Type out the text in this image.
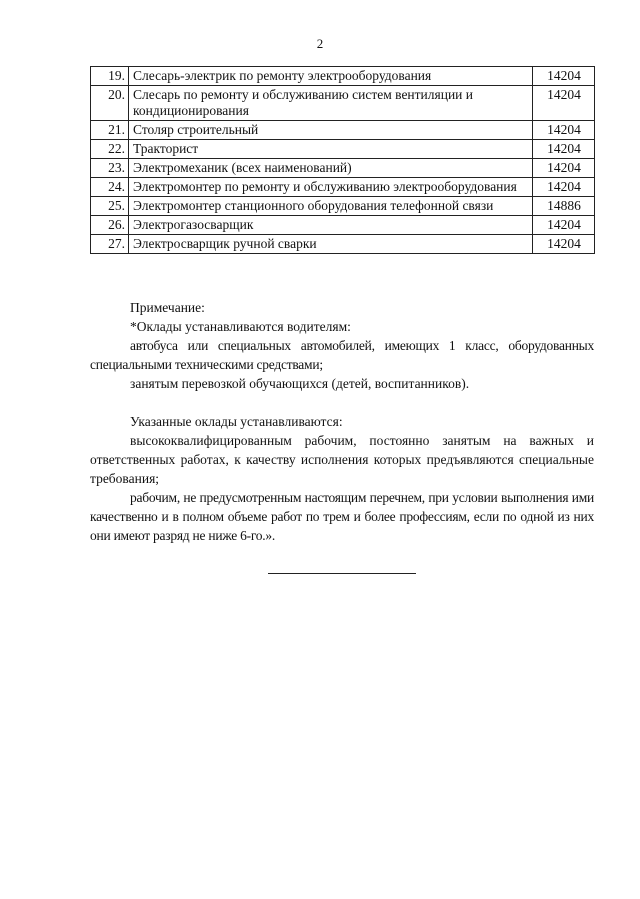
2
19.	Слесарь-электрик по ремонту электрооборудования	14204
20.	Слесарь по ремонту и обслуживанию систем вентиляции и кондиционирования	14204
21.	Столяр строительный	14204
22.	Тракторист	14204
23.	Электромеханик (всех наименований)	14204
24.	Электромонтер по ремонту и обслуживанию электрооборудования	14204
25.	Электромонтер станционного оборудования телефонной связи	14886
26.	Электрогазосварщик	14204
27.	Электросварщик ручной сварки	14204

Примечание:

*Оклады устанавливаются водителям:

автобуса или специальных автомобилей, имеющих 1 класс, оборудованных специальными техническими средствами;

занятым перевозкой обучающихся (детей, воспитанников).

Указанные оклады устанавливаются:

высококвалифицированным рабочим, постоянно занятым на важных и ответственных работах, к качеству исполнения которых предъявляются специальные требования;

рабочим, не предусмотренным настоящим перечнем, при условии выполнения ими качественно и в полном объеме работ по трем и более профессиям, если по одной из них они имеют разряд не ниже 6-го.».
